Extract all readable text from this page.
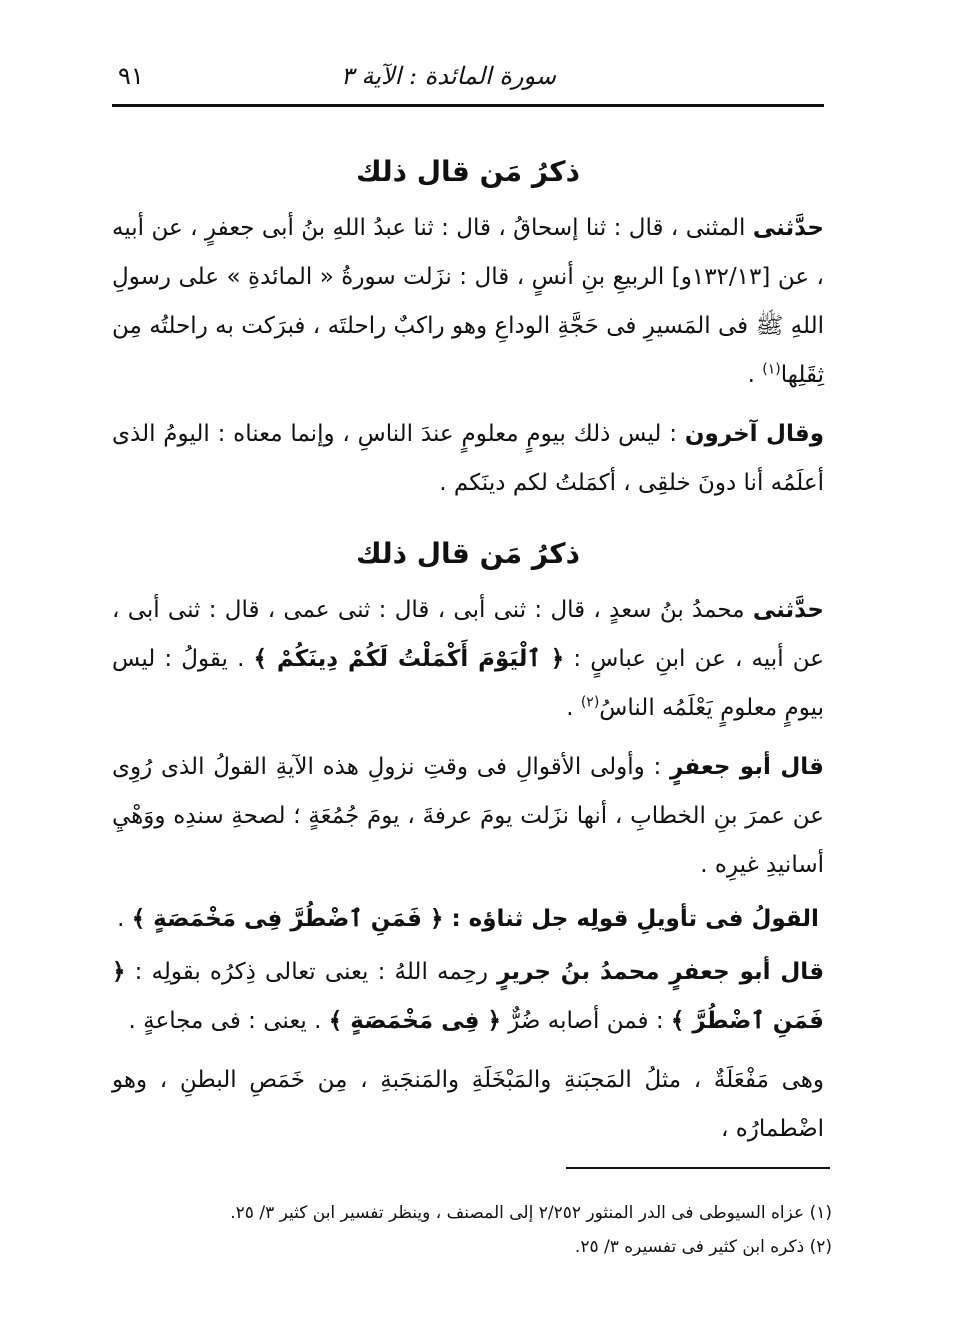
٩١	سورة المائدة : الآية ٣
ذكرُ مَن قال ذلك

حدَّثنى المثنى ، قال : ثنا إسحاقُ ، قال : ثنا عبدُ اللهِ بنُ أبى جعفرٍ ، عن أبيه ، عن [١٣٢/١٣و] الربيعِ بنِ أنسٍ ، قال : نزَلت سورةُ « المائدةِ » على رسولِ اللهِ ﷺ فى المَسيرِ فى حَجَّةِ الوداعِ وهو راكبٌ راحلتَه ، فبرَكت به راحلتُه مِن ثِقَلِها$^{(١)}$ .

وقال آخرون : ليس ذلك بيومٍ معلومٍ عندَ الناسِ ، وإنما معناه : اليومُ الذى أعلَمُه أنا دونَ خلقِى ، أكمَلتُ لكم دينَكم .

ذكرُ مَن قال ذلك

حدَّثنى محمدُ بنُ سعدٍ ، قال : ثنى أبى ، قال : ثنى عمى ، قال : ثنى أبى ، عن أبيه ، عن ابنِ عباسٍ : ﴿ ٱلْيَوْمَ أَكْمَلْتُ لَكُمْ دِينَكُمْ ﴾ . يقولُ : ليس بيومٍ معلومٍ يَعْلَمُه الناسُ$^{(٢)}$ .

قال أبو جعفرٍ : وأولى الأقوالِ فى وقتِ نزولِ هذه الآيةِ القولُ الذى رُوِى عن عمرَ بنِ الخطابِ ، أنها نزَلت يومَ عرفةَ ، يومَ جُمُعَةٍ ؛ لصحةِ سندِه ووَهْيِ أسانيدِ غيرِه .

القولُ فى تأويلِ قولِه جل ثناؤه : ﴿ فَمَنِ ٱضْطُرَّ فِى مَخْمَصَةٍ ﴾ .

قال أبو جعفرٍ محمدُ بنُ جريرٍ رحِمه اللهُ : يعنى تعالى ذِكرُه بقولِه : ﴿ فَمَنِ ٱضْطُرَّ ﴾ : فمن أصابه ضُرٌّ ﴿ فِى مَخْمَصَةٍ ﴾ . يعنى : فى مجاعةٍ .

وهى مَفْعَلَةٌ ، مثلُ المَجبَنةِ والمَبْخَلَةِ والمَنجَبةِ ، مِن خَمَصِ البطنِ ، وهو اضْطمارُه ،

(١) عزاه السيوطى فى الدر المنثور ٢/٢٥٢ إلى المصنف ، وينظر تفسير ابن كثير ٣/ ٢٥.
(٢) ذكره ابن كثير فى تفسيره ٣/ ٢٥.
